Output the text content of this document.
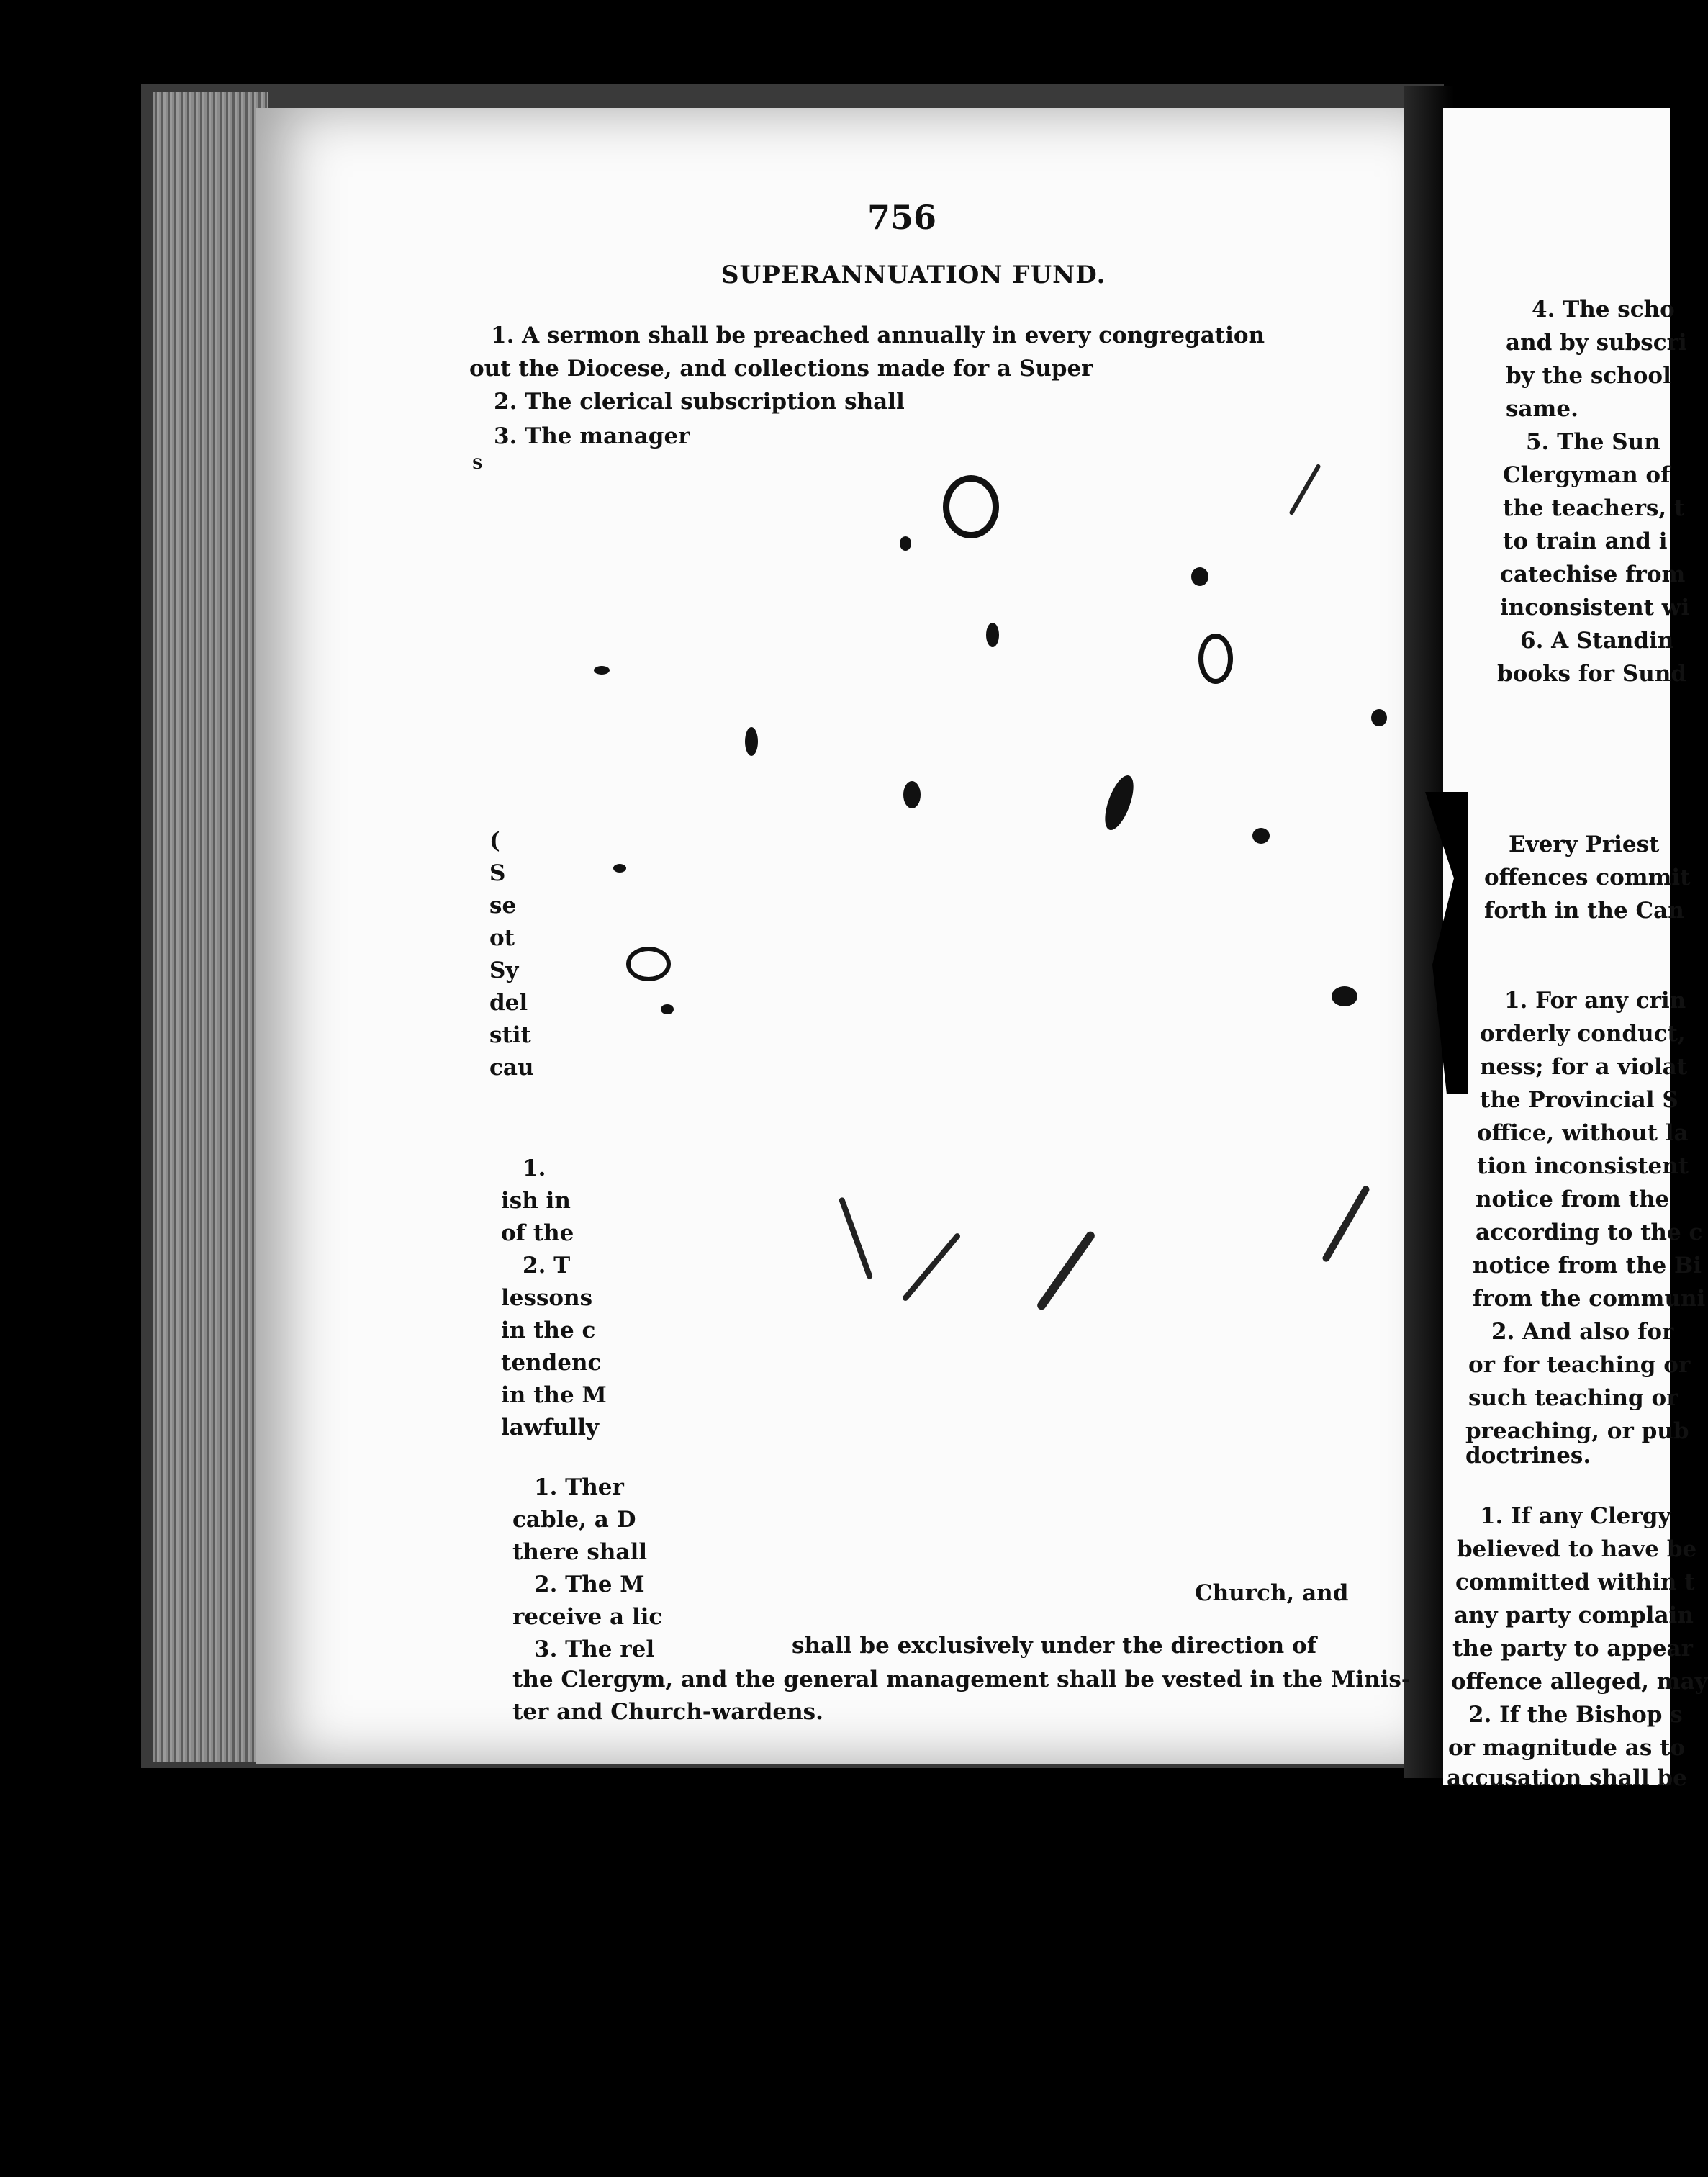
756
SUPERANNUATION FUND.
1. A sermon shall be preached annually in every congregation
out the Diocese, and collections made for a Super
2. The clerical subscription shall
3. The manager
S
(
S
se
ot
Sy
del
stit
cau
1.
ish in
of the
2. T
lessons
in the c
tendenc
in the M
lawfully
1. Ther
cable, a D
there shall
2. The M
receive a lic
3. The rel
Church, and
shall be exclusively under the direction of
the Clergym, and the general management shall be vested in the Minis-
ter and Church-wardens.
4. The scho
and by subscri
by the school
same.
5. The Sun
Clergyman of
the teachers, t
to train and i
catechise from
inconsistent wi
6. A Standin
books for Sund
Every Priest
offences commit
forth in the Can
1. For any crin
orderly conduct,
ness; for a violat
the Provincial S
office, without la
tion inconsistent
notice from the
according to the c
notice from the Bi
from the communi
2. And also for
or for teaching or
such teaching or
preaching, or pub
doctrines.
1. If any Clergy
believed to have be
committed within t
any party complain
the party to appear
offence alleged, may
2. If the Bishop s
or magnitude as to
accusation shall be
